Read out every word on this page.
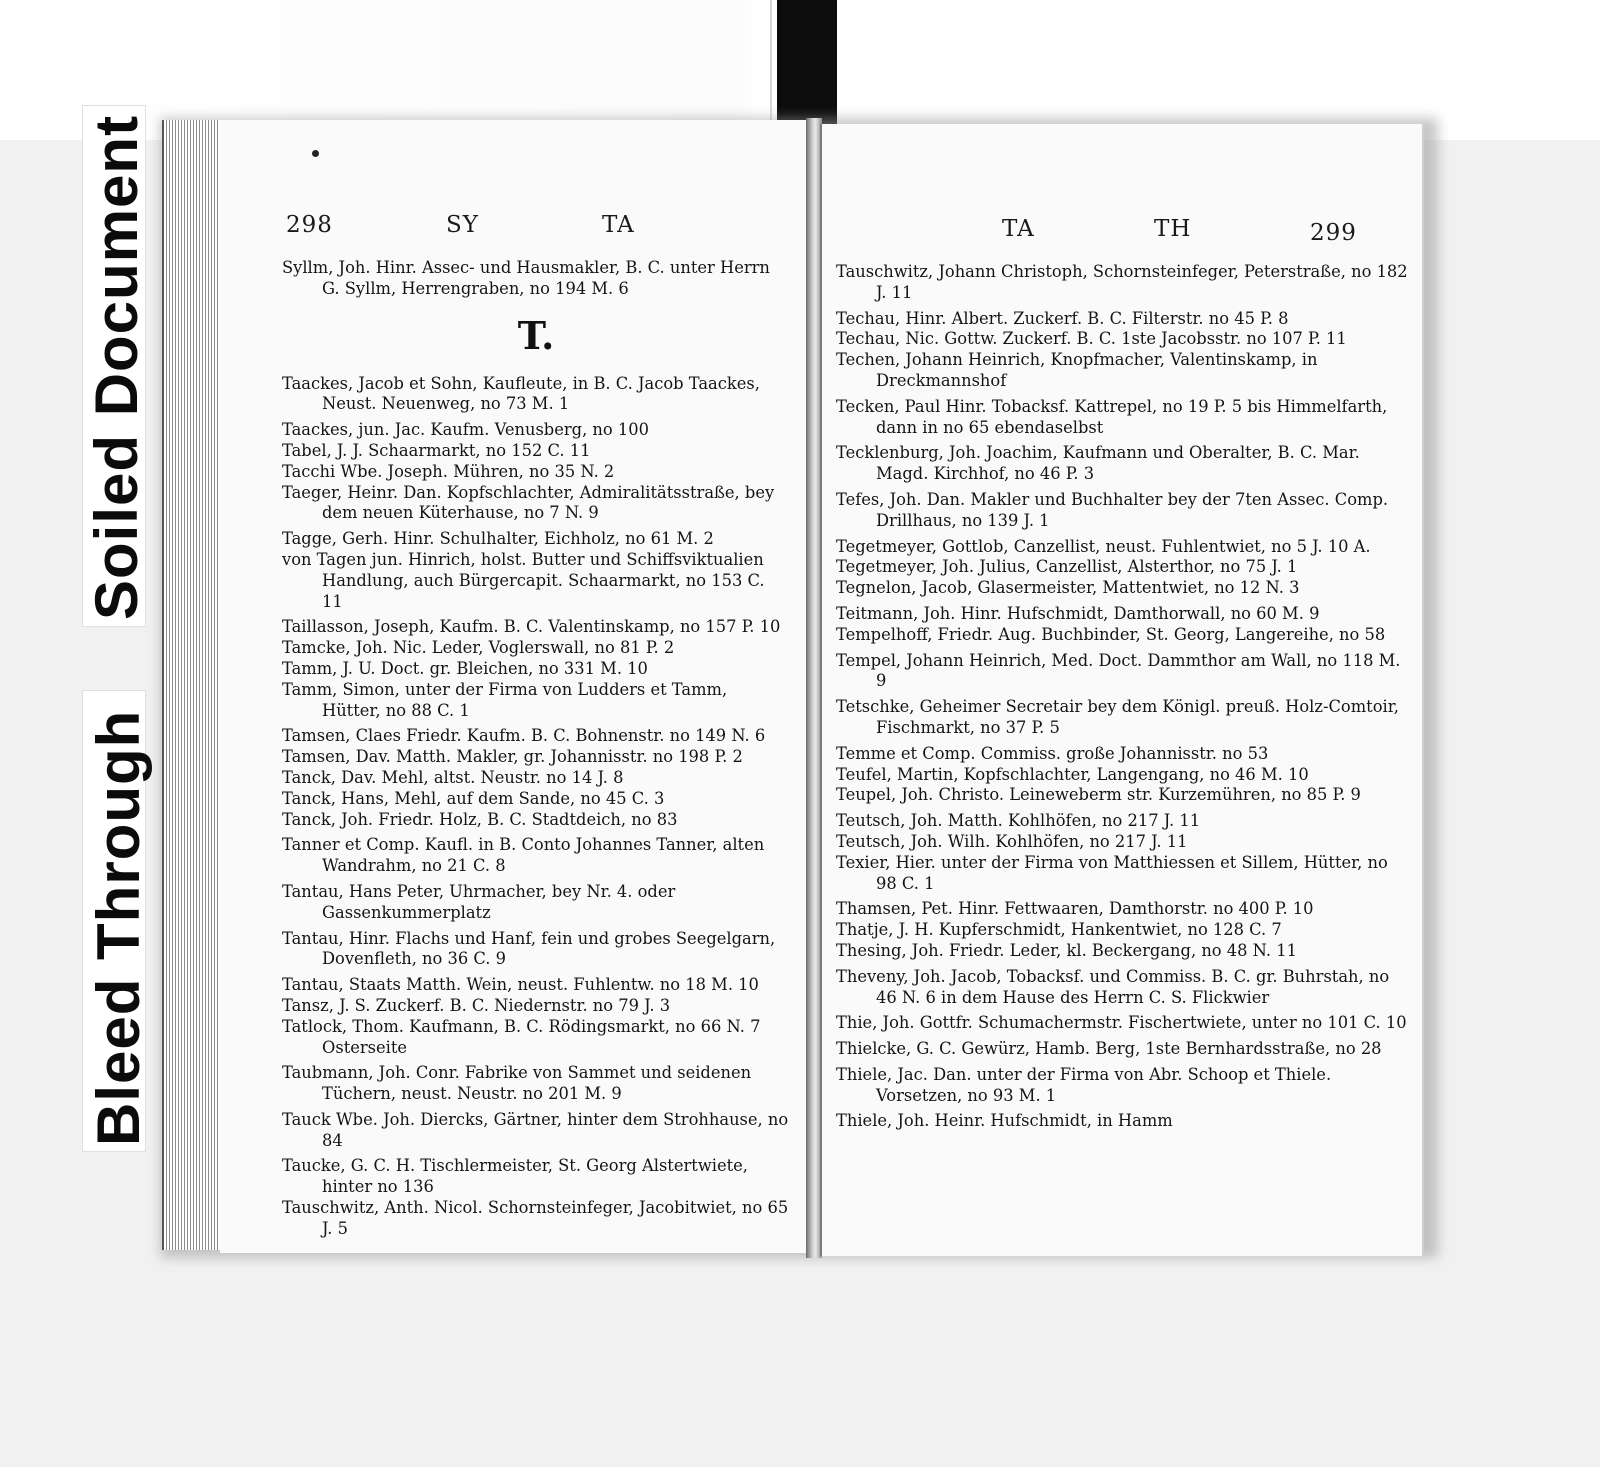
Soiled Document
Bleed Through
298	SY	TA
Syllm, Joh. Hinr. Assec- und Hausmakler, B. C. unter Herrn G. Syllm, Herrengraben, no 194 M. 6
T.
Taackes, Jacob et Sohn, Kaufleute, in B. C. Jacob Taackes, Neust. Neuenweg, no 73 M. 1
Taackes, jun. Jac. Kaufm. Venusberg, no 100
Tabel, J. J. Schaarmarkt, no 152 C. 11
Tacchi Wbe. Joseph. Mühren, no 35 N. 2
Taeger, Heinr. Dan. Kopfschlachter, Admiralitätsstraße, bey dem neuen Küterhause, no 7 N. 9
Tagge, Gerh. Hinr. Schulhalter, Eichholz, no 61 M. 2
von Tagen jun. Hinrich, holst. Butter und Schiffsviktualien Handlung, auch Bürgercapit. Schaarmarkt, no 153 C. 11
Taillasson, Joseph, Kaufm. B. C. Valentinskamp, no 157 P. 10
Tamcke, Joh. Nic. Leder, Voglerswall, no 81 P. 2
Tamm, J. U. Doct. gr. Bleichen, no 331 M. 10
Tamm, Simon, unter der Firma von Ludders et Tamm, Hütter, no 88 C. 1
Tamsen, Claes Friedr. Kaufm. B. C. Bohnenstr. no 149 N. 6
Tamsen, Dav. Matth. Makler, gr. Johannisstr. no 198 P. 2
Tanck, Dav. Mehl, altst. Neustr. no 14 J. 8
Tanck, Hans, Mehl, auf dem Sande, no 45 C. 3
Tanck, Joh. Friedr. Holz, B. C. Stadtdeich, no 83
Tanner et Comp. Kaufl. in B. Conto Johannes Tanner, alten Wandrahm, no 21 C. 8
Tantau, Hans Peter, Uhrmacher, bey Nr. 4. oder Gassenkummerplatz
Tantau, Hinr. Flachs und Hanf, fein und grobes Seegelgarn, Dovenfleth, no 36 C. 9
Tantau, Staats Matth. Wein, neust. Fuhlentw. no 18 M. 10
Tansz, J. S. Zuckerf. B. C. Niedernstr. no 79 J. 3
Tatlock, Thom. Kaufmann, B. C. Rödingsmarkt, no 66 N. 7 Osterseite
Taubmann, Joh. Conr. Fabrike von Sammet und seidenen Tüchern, neust. Neustr. no 201 M. 9
Tauck Wbe. Joh. Diercks, Gärtner, hinter dem Strohhause, no 84
Taucke, G. C. H. Tischlermeister, St. Georg Alstertwiete, hinter no 136
Tauschwitz, Anth. Nicol. Schornsteinfeger, Jacobitwiet, no 65 J. 5
TA	TH	299
Tauschwitz, Johann Christoph, Schornsteinfeger, Peterstraße, no 182 J. 11
Techau, Hinr. Albert. Zuckerf. B. C. Filterstr. no 45 P. 8
Techau, Nic. Gottw. Zuckerf. B. C. 1ste Jacobsstr. no 107 P. 11
Techen, Johann Heinrich, Knopfmacher, Valentinskamp, in Dreckmannshof
Tecken, Paul Hinr. Tobacksf. Kattrepel, no 19 P. 5 bis Himmelfarth, dann in no 65 ebendaselbst
Tecklenburg, Joh. Joachim, Kaufmann und Oberalter, B. C. Mar. Magd. Kirchhof, no 46 P. 3
Tefes, Joh. Dan. Makler und Buchhalter bey der 7ten Assec. Comp. Drillhaus, no 139 J. 1
Tegetmeyer, Gottlob, Canzellist, neust. Fuhlentwiet, no 5 J. 10 A.
Tegetmeyer, Joh. Julius, Canzellist, Alsterthor, no 75 J. 1
Tegnelon, Jacob, Glasermeister, Mattentwiet, no 12 N. 3
Teitmann, Joh. Hinr. Hufschmidt, Damthorwall, no 60 M. 9
Tempelhoff, Friedr. Aug. Buchbinder, St. Georg, Langereihe, no 58
Tempel, Johann Heinrich, Med. Doct. Dammthor am Wall, no 118 M. 9
Tetschke, Geheimer Secretair bey dem Königl. preuß. Holz-Comtoir, Fischmarkt, no 37 P. 5
Temme et Comp. Commiss. große Johannisstr. no 53
Teufel, Martin, Kopfschlachter, Langengang, no 46 M. 10
Teupel, Joh. Christo. Leineweberm str. Kurzemühren, no 85 P. 9
Teutsch, Joh. Matth. Kohlhöfen, no 217 J. 11
Teutsch, Joh. Wilh. Kohlhöfen, no 217 J. 11
Texier, Hier. unter der Firma von Matthiessen et Sillem, Hütter, no 98 C. 1
Thamsen, Pet. Hinr. Fettwaaren, Damthorstr. no 400 P. 10
Thatje, J. H. Kupferschmidt, Hankentwiet, no 128 C. 7
Thesing, Joh. Friedr. Leder, kl. Beckergang, no 48 N. 11
Theveny, Joh. Jacob, Tobacksf. und Commiss. B. C. gr. Buhrstah, no 46 N. 6 in dem Hause des Herrn C. S. Flickwier
Thie, Joh. Gottfr. Schumachermstr. Fischertwiete, unter no 101 C. 10
Thielcke, G. C. Gewürz, Hamb. Berg, 1ste Bernhardsstraße, no 28
Thiele, Jac. Dan. unter der Firma von Abr. Schoop et Thiele. Vorsetzen, no 93 M. 1
Thiele, Joh. Heinr. Hufschmidt, in Hamm
